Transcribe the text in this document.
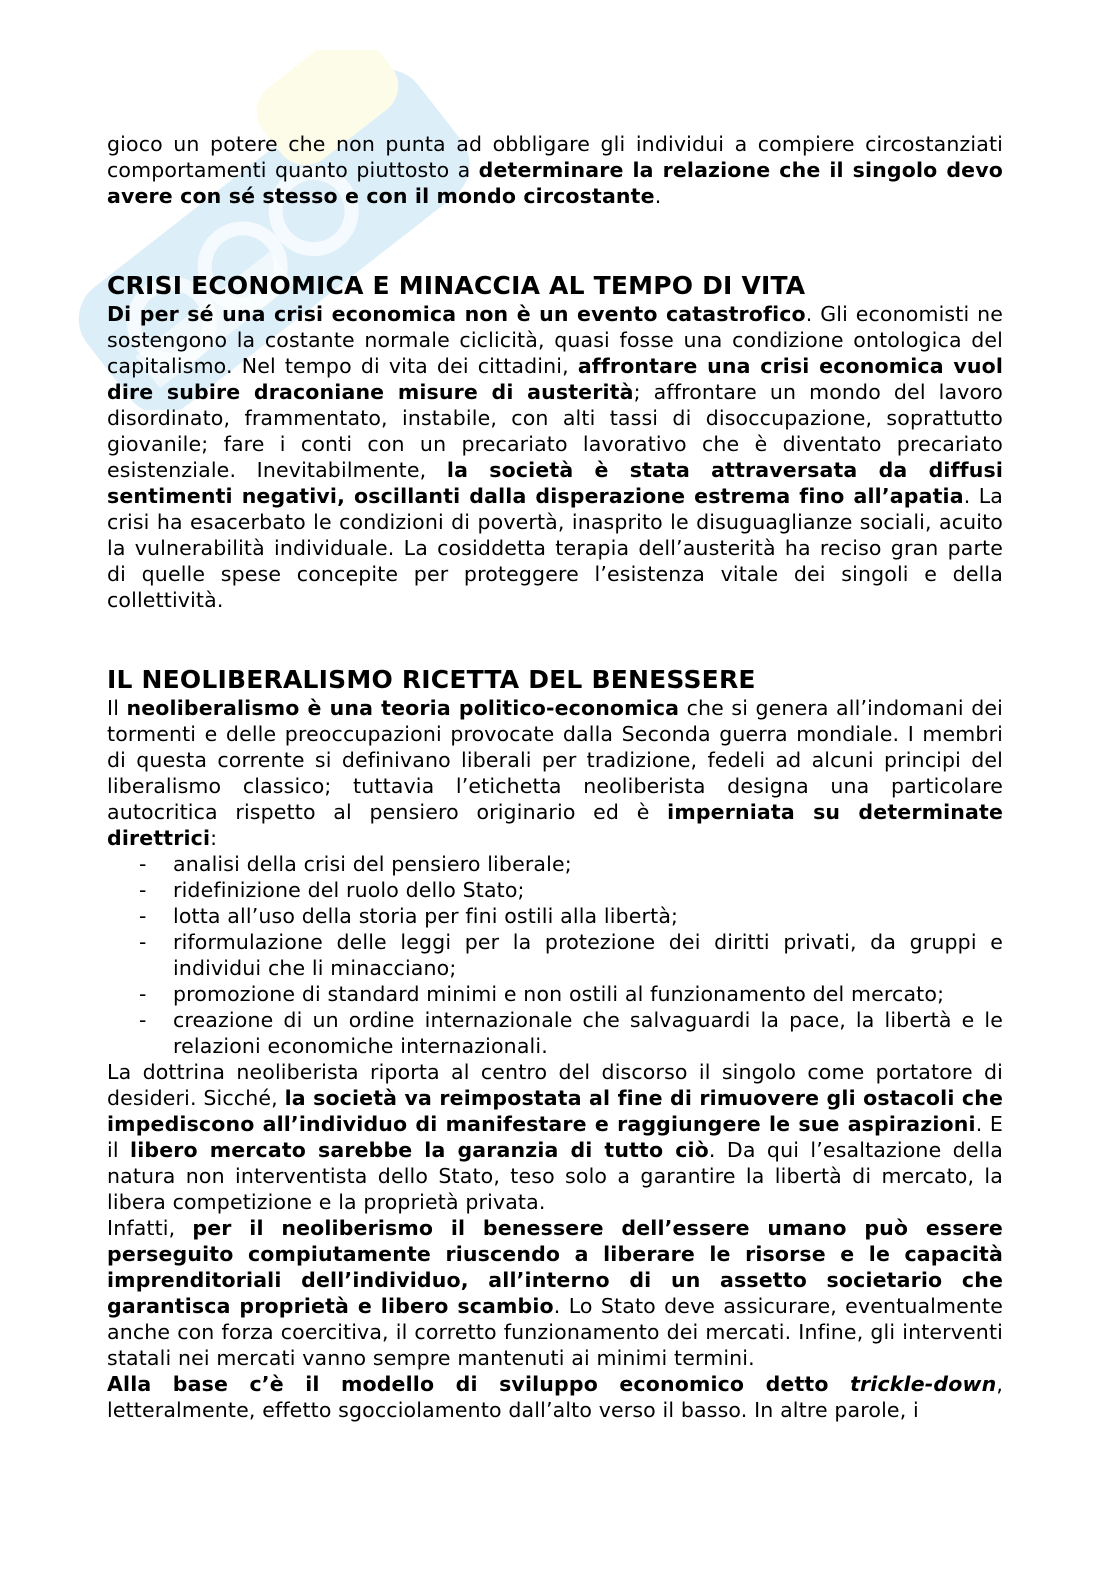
gioco un potere che non punta ad obbligare gli individui a compiere circostanziati comportamenti quanto piuttosto a determinare la relazione che il singolo devo avere con sé stesso e con il mondo circostante.

CRISI ECONOMICA E MINACCIA AL TEMPO DI VITA

Di per sé una crisi economica non è un evento catastrofico. Gli economisti ne sostengono la costante normale ciclicità, quasi fosse una condizione ontologica del capitalismo. Nel tempo di vita dei cittadini, affrontare una crisi economica vuol dire subire draconiane misure di austerità; affrontare un mondo del lavoro disordinato, frammentato, instabile, con alti tassi di disoccupazione, soprattutto giovanile; fare i conti con un precariato lavorativo che è diventato precariato esistenziale. Inevitabilmente, la società è stata attraversata da diffusi sentimenti negativi, oscillanti dalla disperazione estrema fino all’apatia. La crisi ha esacerbato le condizioni di povertà, inasprito le disuguaglianze sociali, acuito la vulnerabilità individuale. La cosiddetta terapia dell’austerità ha reciso gran parte di quelle spese concepite per proteggere l’esistenza vitale dei singoli e della collettività.

IL NEOLIBERALISMO RICETTA DEL BENESSERE

Il neoliberalismo è una teoria politico-economica che si genera all’indomani dei tormenti e delle preoccupazioni provocate dalla Seconda guerra mondiale. I membri di questa corrente si definivano liberali per tradizione, fedeli ad alcuni principi del liberalismo classico; tuttavia l’etichetta neoliberista designa una particolare autocritica rispetto al pensiero originario ed è imperniata su determinate direttrici:

- analisi della crisi del pensiero liberale;
- ridefinizione del ruolo dello Stato;
- lotta all’uso della storia per fini ostili alla libertà;
- riformulazione delle leggi per la protezione dei diritti privati, da gruppi e individui che li minacciano;
- promozione di standard minimi e non ostili al funzionamento del mercato;
- creazione di un ordine internazionale che salvaguardi la pace, la libertà e le relazioni economiche internazionali.

La dottrina neoliberista riporta al centro del discorso il singolo come portatore di desideri. Sicché, la società va reimpostata al fine di rimuovere gli ostacoli che impediscono all’individuo di manifestare e raggiungere le sue aspirazioni. E il libero mercato sarebbe la garanzia di tutto ciò. Da qui l’esaltazione della natura non interventista dello Stato, teso solo a garantire la libertà di mercato, la libera competizione e la proprietà privata.

Infatti, per il neoliberismo il benessere dell’essere umano può essere perseguito compiutamente riuscendo a liberare le risorse e le capacità imprenditoriali dell’individuo, all’interno di un assetto societario che garantisca proprietà e libero scambio. Lo Stato deve assicurare, eventualmente anche con forza coercitiva, il corretto funzionamento dei mercati. Infine, gli interventi statali nei mercati vanno sempre mantenuti ai minimi termini.

Alla base c’è il modello di sviluppo economico detto trickle-down, letteralmente, effetto sgocciolamento dall’alto verso il basso. In altre parole, i
